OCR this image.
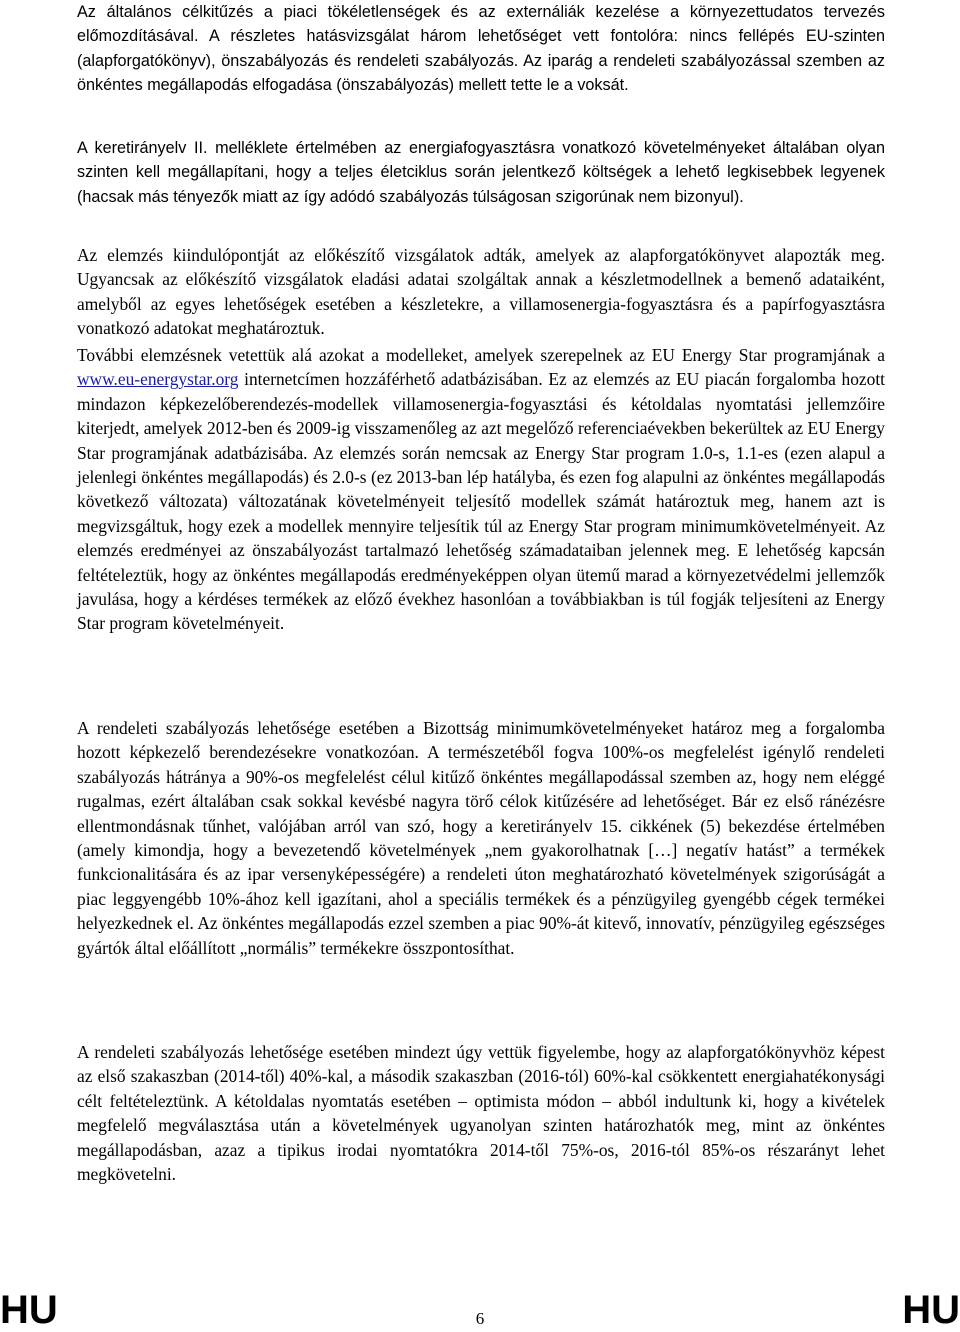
Az általános célkitűzés a piaci tökéletlenségek és az externáliák kezelése a környezettudatos tervezés előmozdításával. A részletes hatásvizsgálat három lehetőséget vett fontolóra: nincs fellépés EU-szinten (alapforgatókönyv), önszabályozás és rendeleti szabályozás. Az iparág a rendeleti szabályozással szemben az önkéntes megállapodás elfogadása (önszabályozás) mellett tette le a voksát.

A keretirányelv II. melléklete értelmében az energiafogyasztásra vonatkozó követelményeket általában olyan szinten kell megállapítani, hogy a teljes életciklus során jelentkező költségek a lehető legkisebbek legyenek (hacsak más tényezők miatt az így adódó szabályozás túlságosan szigorúnak nem bizonyul).

Az elemzés kiindulópontját az előkészítő vizsgálatok adták, amelyek az alapforgatókönyvet alapozták meg. Ugyancsak az előkészítő vizsgálatok eladási adatai szolgáltak annak a készletmodellnek a bemenő adataiként, amelyből az egyes lehetőségek esetében a készletekre, a villamosenergia-fogyasztásra és a papírfogyasztásra vonatkozó adatokat meghatároztuk.

A rendeleti szabályozás lehetősége esetében a Bizottság minimumkövetelményeket határoz meg a forgalomba hozott képkezelő berendezésekre vonatkozóan. A természetéből fogva 100%-os megfelelést igénylő rendeleti szabályozás hátránya a 90%-os megfelelést célul kitűző önkéntes megállapodással szemben az, hogy nem eléggé rugalmas, ezért általában csak sokkal kevésbé nagyra törő célok kitűzésére ad lehetőséget. Bár ez első ránézésre ellentmondásnak tűnhet, valójában arról van szó, hogy a keretirányelv 15. cikkének (5) bekezdése értelmében (amely kimondja, hogy a bevezetendő követelmények „nem gyakorolhatnak […] negatív hatást” a termékek funkcionalitására és az ipar versenyképességére) a rendeleti úton meghatározható követelmények szigorúságát a piac leggyengébb 10%-ához kell igazítani, ahol a speciális termékek és a pénzügyileg gyengébb cégek termékei helyezkednek el. Az önkéntes megállapodás ezzel szemben a piac 90%-át kitevő, innovatív, pénzügyileg egészséges gyártók által előállított „normális” termékekre összpontosíthat.

A rendeleti szabályozás lehetősége esetében mindezt úgy vettük figyelembe, hogy az alapforgatókönyvhöz képest az első szakaszban (2014-től) 40%-kal, a második szakaszban (2016-tól) 60%-kal csökkentett energiahatékonysági célt feltételeztünk. A kétoldalas nyomtatás esetében – optimista módon – abból indultunk ki, hogy a kivételek megfelelő megválasztása után a követelmények ugyanolyan szinten határozhatók meg, mint az önkéntes megállapodásban, azaz a tipikus irodai nyomtatókra 2014-től 75%-os, 2016-tól 85%-os részarányt lehet megkövetelni.

További elemzésnek vetettük alá azokat a modelleket, amelyek szerepelnek az EU Energy Star programjának a www.eu-energystar.org internetcímen hozzáférhető adatbázisában. Ez az elemzés az EU piacán forgalomba hozott mindazon képkezelőberendezés-modellek villamosenergia-fogyasztási és kétoldalas nyomtatási jellemzőire kiterjedt, amelyek 2012-ben és 2009-ig visszamenőleg az azt megelőző referenciaévekben bekerültek az EU Energy Star programjának adatbázisába. Az elemzés során nemcsak az Energy Star program 1.0-s, 1.1-es (ezen alapul a jelenlegi önkéntes megállapodás) és 2.0-s (ez 2013-ban lép hatályba, és ezen fog alapulni az önkéntes megállapodás következő változata) változatának követelményeit teljesítő modellek számát határoztuk meg, hanem azt is megvizsgáltuk, hogy ezek a modellek mennyire teljesítik túl az Energy Star program minimumkövetelményeit. Az elemzés eredményei az önszabályozást tartalmazó lehetőség számadataiban jelennek meg. E lehetőség kapcsán feltételeztük, hogy az önkéntes megállapodás eredményeképpen olyan ütemű marad a környezetvédelmi jellemzők javulása, hogy a kérdéses termékek az előző évekhez hasonlóan a továbbiakban is túl fogják teljesíteni az Energy Star program követelményeit.

HU	6	HU
